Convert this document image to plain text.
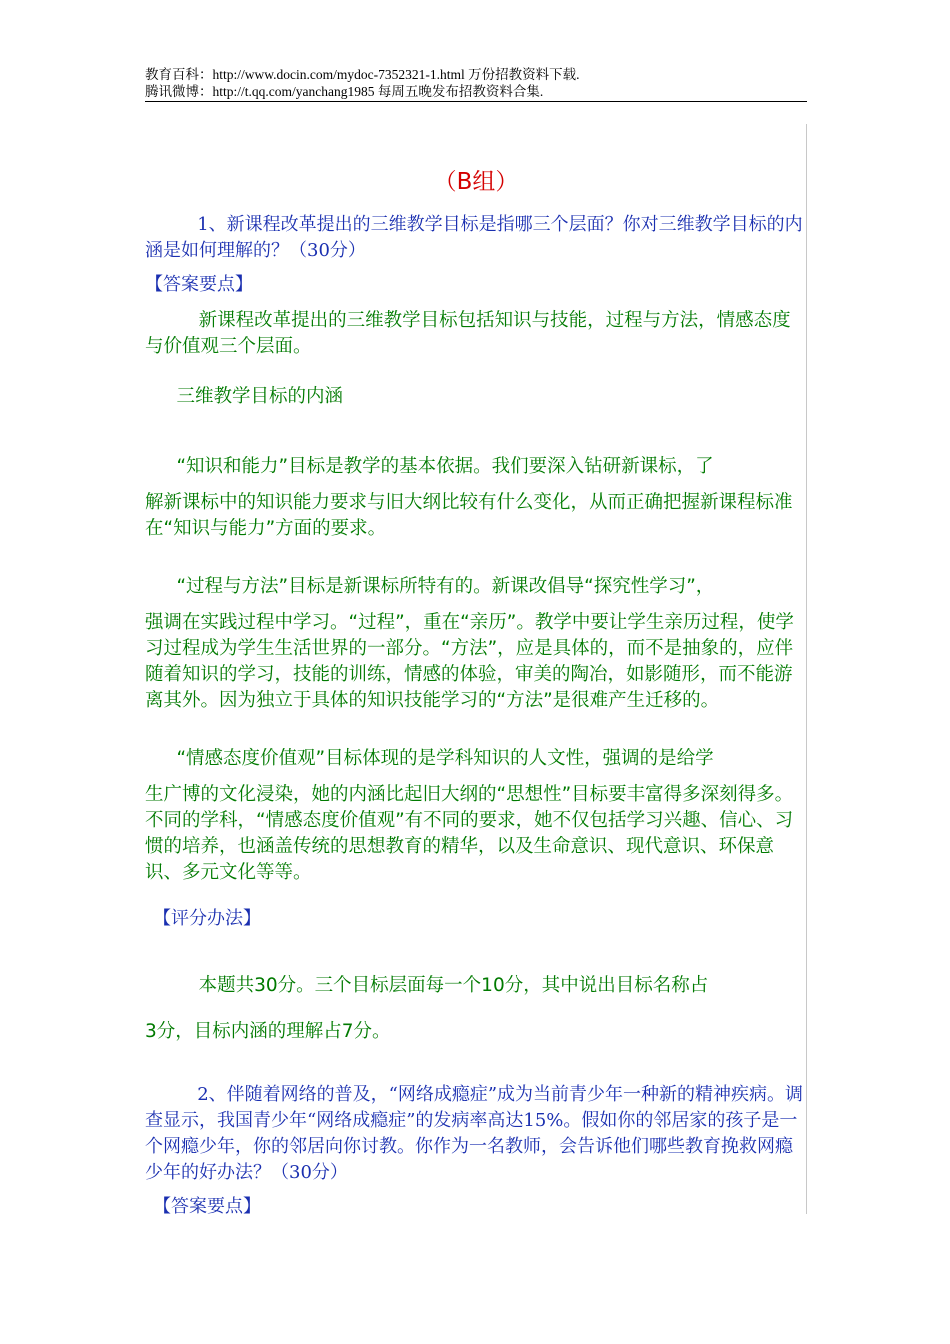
教育百科：http://www.docin.com/mydoc-7352321-1.html 万份招教资料下载.
腾讯微博：http://t.qq.com/yanchang1985 每周五晚发布招教资料合集.
（B组）

1、新课程改革提出的三维教学目标是指哪三个层面？你对三维教学目标的内涵是如何理解的？（30分）

【答案要点】

新课程改革提出的三维教学目标包括知识与技能，过程与方法，情感态度与价值观三个层面。

三维教学目标的内涵

“知识和能力”目标是教学的基本依据。我们要深入钻研新课标，了

解新课标中的知识能力要求与旧大纲比较有什么变化，从而正确把握新课程标准在“知识与能力”方面的要求。

“过程与方法”目标是新课标所特有的。新课改倡导“探究性学习”，

强调在实践过程中学习。“过程”，重在“亲历”。教学中要让学生亲历过程，使学习过程成为学生生活世界的一部分。“方法”，应是具体的，而不是抽象的，应伴随着知识的学习，技能的训练，情感的体验，审美的陶冶，如影随形，而不能游离其外。因为独立于具体的知识技能学习的“方法”是很难产生迁移的。

“情感态度价值观”目标体现的是学科知识的人文性，强调的是给学

生广博的文化浸染，她的内涵比起旧大纲的“思想性”目标要丰富得多深刻得多。不同的学科，“情感态度价值观”有不同的要求，她不仅包括学习兴趣、信心、习惯的培养，也涵盖传统的思想教育的精华，以及生命意识、现代意识、环保意识、多元文化等等。

【评分办法】

本题共30分。三个目标层面每一个10分，其中说出目标名称占

3分，目标内涵的理解占7分。

2、伴随着网络的普及，“网络成瘾症”成为当前青少年一种新的精神疾病。调查显示，我国青少年“网络成瘾症”的发病率高达15%。假如你的邻居家的孩子是一个网瘾少年，你的邻居向你讨教。你作为一名教师，会告诉他们哪些教育挽救网瘾少年的好办法？（30分）

【答案要点】
